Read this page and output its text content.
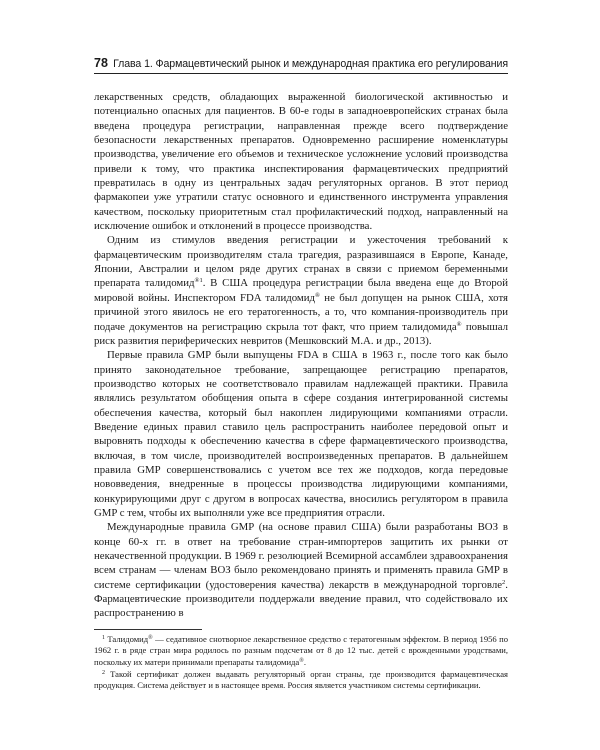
78 Глава 1. Фармацевтический рынок и международная практика его регулирования

лекарственных средств, обладающих выраженной биологической активностью и потенциально опасных для пациентов. В 60-е годы в западноевропейских странах была введена процедура регистрации, направленная прежде всего подтверждение безопасности лекарственных препаратов. Одновременно расширение номенклатуры производства, увеличение его объемов и техническое усложнение условий производства привели к тому, что практика инспектирования фармацевтических предприятий превратилась в одну из центральных задач регуляторных органов. В этот период фармакопеи уже утратили статус основного и единственного инструмента управления качеством, поскольку приоритетным стал профилактический подход, направленный на исключение ошибок и отклонений в процессе производства.

Одним из стимулов введения регистрации и ужесточения требований к фармацевтическим производителям стала трагедия, разразившаяся в Европе, Канаде, Японии, Австралии и целом ряде других странах в связи с приемом беременными препарата талидомид$^{®1}$. В США процедура регистрации была введена еще до Второй мировой войны. Инспектором FDA талидомид® не был допущен на рынок США, хотя причиной этого явилось не его тератогенность, а то, что компания-производитель при подаче документов на регистрацию скрыла тот факт, что прием талидомида® повышал риск развития периферических невритов (Мешковский М.А. и др., 2013).

Первые правила GMP были выпущены FDA в США в 1963 г., после того как было принято законодательное требование, запрещающее регистрацию препаратов, производство которых не соответствовало правилам надлежащей практики. Правила являлись результатом обобщения опыта в сфере создания интегрированной системы обеспечения качества, который был накоплен лидирующими компаниями отрасли. Введение единых правил ставило цель распространить наиболее передовой опыт и выровнять подходы к обеспечению качества в сфере фармацевтического производства, включая, в том числе, производителей воспроизведенных препаратов. В дальнейшем правила GMP совершенствовались с учетом все тех же подходов, когда передовые нововведения, внедренные в процессы производства лидирующими компаниями, конкурирующими друг с другом в вопросах качества, вносились регулятором в правила GMP с тем, чтобы их выполняли уже все предприятия отрасли.

Международные правила GMP (на основе правил США) были разработаны ВОЗ в конце 60-х гг. в ответ на требование стран-импортеров защитить их рынки от некачественной продукции. В 1969 г. резолюцией Всемирной ассамблеи здравоохранения всем странам — членам ВОЗ было рекомендовано принять и применять правила GMP в системе сертификации (удостоверения качества) лекарств в международной торговле$^2$. Фармацевтические производители поддержали введение правил, что содействовало их распространению в

$^1$ Талидомид® — седативное снотворное лекарственное средство с тератогенным эффектом. В период 1956 по 1962 г. в ряде стран мира родилось по разным подсчетам от 8 до 12 тыс. детей с врожденными уродствами, поскольку их матери принимали препараты талидомида®.

$^2$ Такой сертификат должен выдавать регуляторный орган страны, где производится фармацевтическая продукция. Система действует и в настоящее время. Россия является участником системы сертификации.
